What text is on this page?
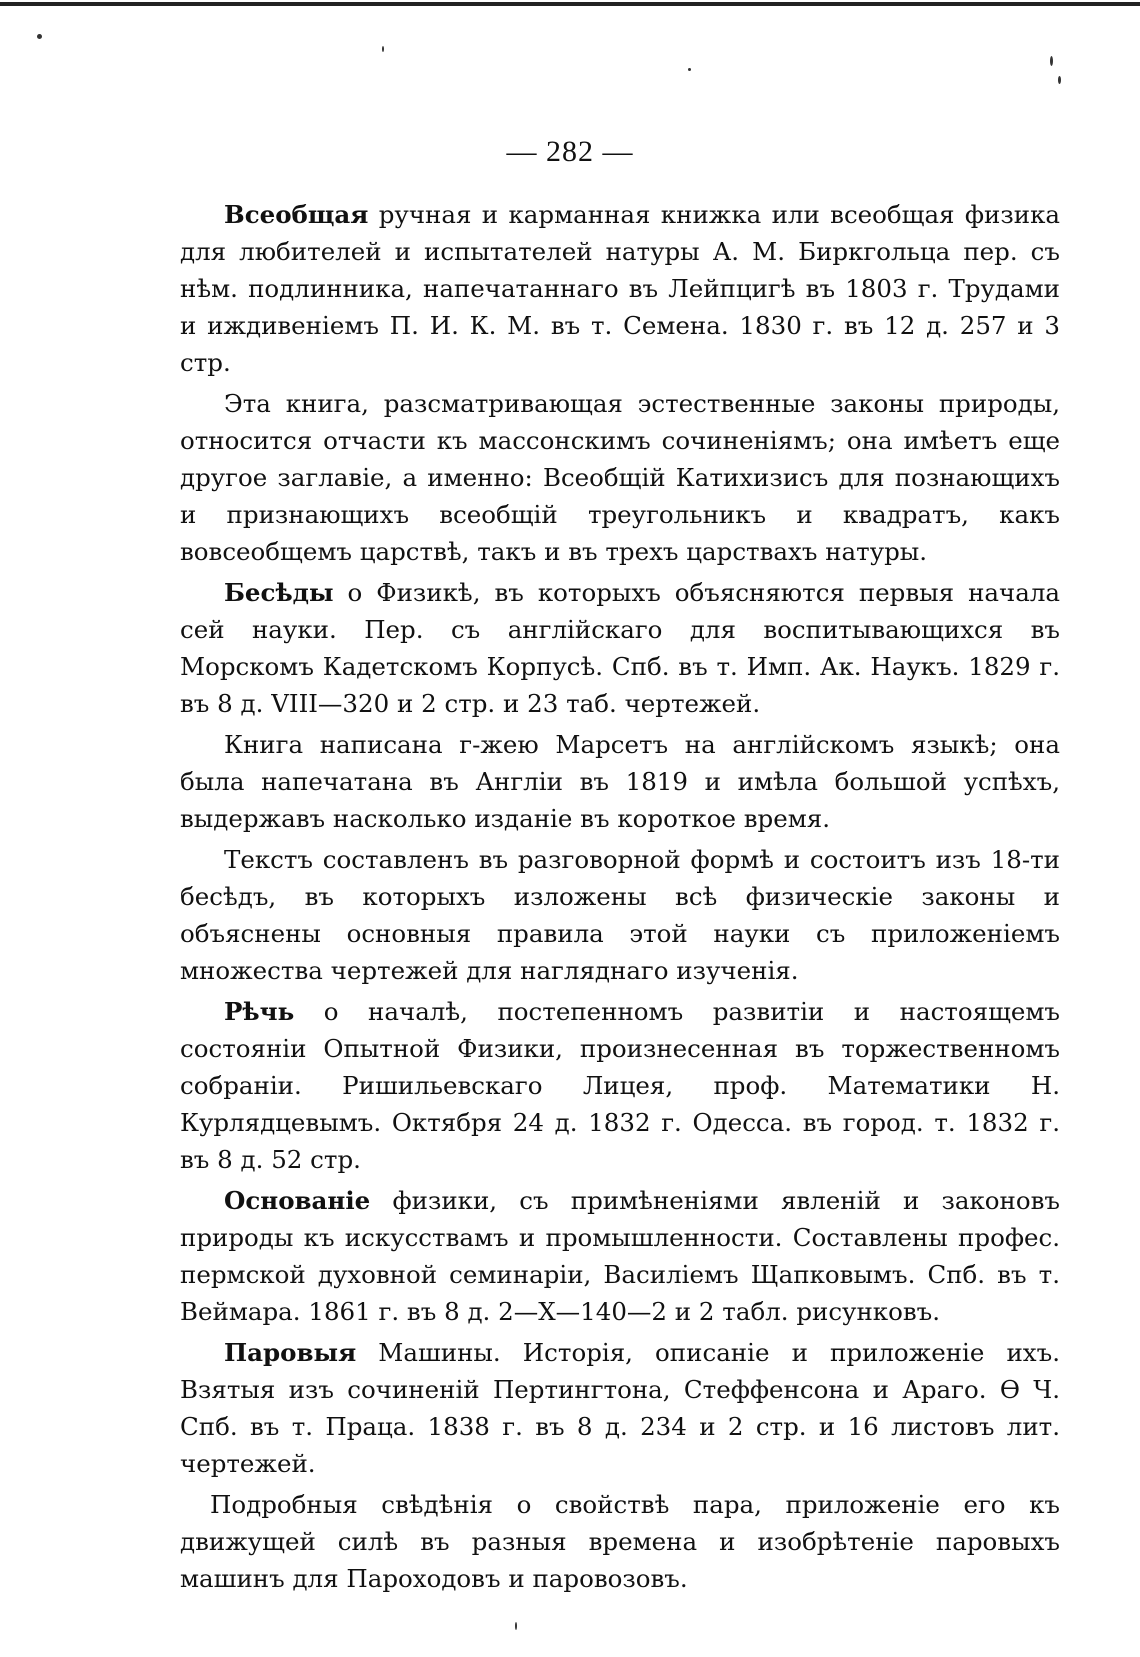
— 282 —

Всеобщая ручная и карманная книжка или всеобщая физика для любителей и испытателей натуры А. М. Биркгольца пер. съ нѣм. подлинника, напечатаннаго въ Лейпцигѣ въ 1803 г. Трудами и иждивеніемъ П. И. К. М. въ т. Семена. 1830 г. въ 12 д. 257 и 3 стр.

Эта книга, разсматривающая эстественные законы природы, относится отчасти къ массонскимъ сочиненіямъ; она имѣетъ еще другое заглавіе, а именно: Всеобщій Катихизисъ для познающихъ и признающихъ всеобщій треугольникъ и квадратъ, какъ вовсеобщемъ царствѣ, такъ и въ трехъ царствахъ натуры.

Бесѣды о Физикѣ, въ которыхъ объясняются первыя начала сей науки. Пер. съ англійскаго для воспитывающихся въ Морскомъ Кадетскомъ Корпусѣ. Спб. въ т. Имп. Ак. Наукъ. 1829 г. въ 8 д. VIII—320 и 2 стр. и 23 таб. чертежей.

Книга написана г-жею Марсетъ на англійскомъ языкѣ; она была напечатана въ Англіи въ 1819 и имѣла большой успѣхъ, выдержавъ насколько изданіе въ короткое время.

Текстъ составленъ въ разговорной формѣ и состоитъ изъ 18-ти бесѣдъ, въ которыхъ изложены всѣ физическіе законы и объяснены основныя правила этой науки съ приложеніемъ множества чертежей для нагляднаго изученія.

Рѣчь о началѣ, постепенномъ развитіи и настоящемъ состояніи Опытной Физики, произнесенная въ торжественномъ собраніи. Ришильевскаго Лицея, проф. Математики Н. Курлядцевымъ. Октября 24 д. 1832 г. Одесса. въ город. т. 1832 г. въ 8 д. 52 стр.

Основаніе физики, съ примѣненіями явленій и законовъ природы къ искусствамъ и промышленности. Составлены профес. пермской духовной семинаріи, Василіемъ Щапковымъ. Спб. въ т. Веймара. 1861 г. въ 8 д. 2—X—140—2 и 2 табл. рисунковъ.

Паровыя Машины. Исторія, описаніе и приложеніе ихъ. Взятыя изъ сочиненій Пертингтона, Стеффенсона и Араго. Ѳ Ч. Спб. въ т. Праца. 1838 г. въ 8 д. 234 и 2 стр. и 16 листовъ лит. чертежей.

Подробныя свѣдѣнія о свойствѣ пара, приложеніе его къ движущей силѣ въ разныя времена и изобрѣтеніе паровыхъ машинъ для Пароходовъ и паровозовъ.
